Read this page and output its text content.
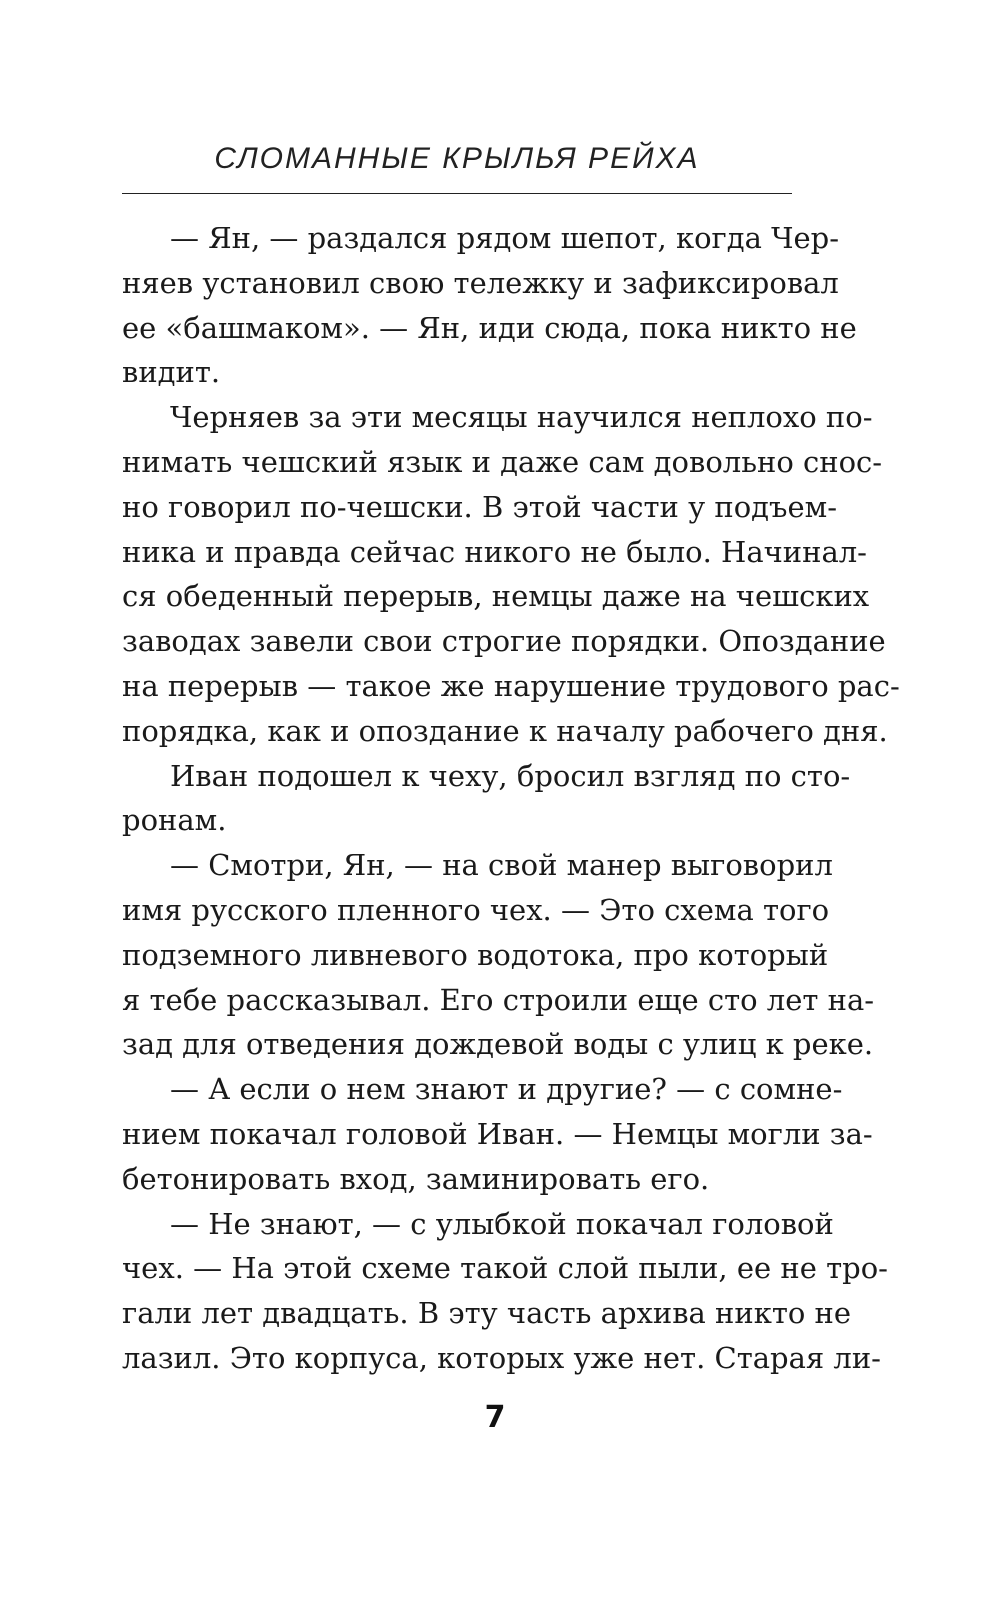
СЛОМАННЫЕ КРЫЛЬЯ РЕЙХА
— Ян, — раздался рядом шепот, когда Чер-
няев установил свою тележку и зафиксировал
ее «башмаком». — Ян, иди сюда, пока никто не
видит.
Черняев за эти месяцы научился неплохо по-
нимать чешский язык и даже сам довольно снос-
но говорил по-чешски. В этой части у подъем-
ника и правда сейчас никого не было. Начинал-
ся обеденный перерыв, немцы даже на чешских
заводах завели свои строгие порядки. Опоздание
на перерыв — такое же нарушение трудового рас-
порядка, как и опоздание к началу рабочего дня.
Иван подошел к чеху, бросил взгляд по сто-
ронам.
— Смотри, Ян, — на свой манер выговорил
имя русского пленного чех. — Это схема того
подземного ливневого водотока, про который
я тебе рассказывал. Его строили еще сто лет на-
зад для отведения дождевой воды с улиц к реке.
— А если о нем знают и другие? — с сомне-
нием покачал головой Иван. — Немцы могли за-
бетонировать вход, заминировать его.
— Не знают, — с улыбкой покачал головой
чех. — На этой схеме такой слой пыли, ее не тро-
гали лет двадцать. В эту часть архива никто не
лазил. Это корпуса, которых уже нет. Старая ли-
7
